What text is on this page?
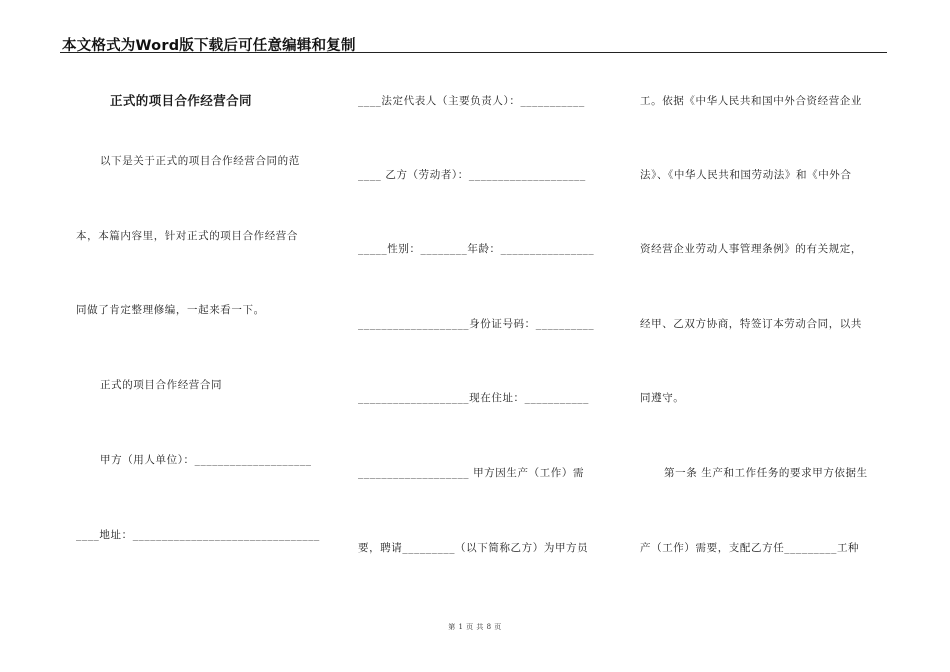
本文格式为Word版下载后可任意编辑和复制
正式的项目合作经营合同
以下是关于正式的项目合作经营合同的范
本，本篇内容里，针对正式的项目合作经营合
同做了肯定整理修编，一起来看一下。
正式的项目合作经营合同
甲方（用人单位）：____________________
____地址：________________________________
____法定代表人（主要负责人）：___________
____ 乙方（劳动者）：____________________
_____性别：________年龄：________________
___________________身份证号码：__________
___________________现在住址：___________
___________________ 甲方因生产（工作）需
要，聘请_________（以下简称乙方）为甲方员
工。依据《中华人民共和国中外合资经营企业
法》、《中华人民共和国劳动法》和《中外合
资经营企业劳动人事管理条例》的有关规定，
经甲、乙双方协商，特签订本劳动合同，以共
同遵守。
第一条 生产和工作任务的要求甲方依据生
产（工作）需要，支配乙方任_________工种
第 1 页 共 8 页
